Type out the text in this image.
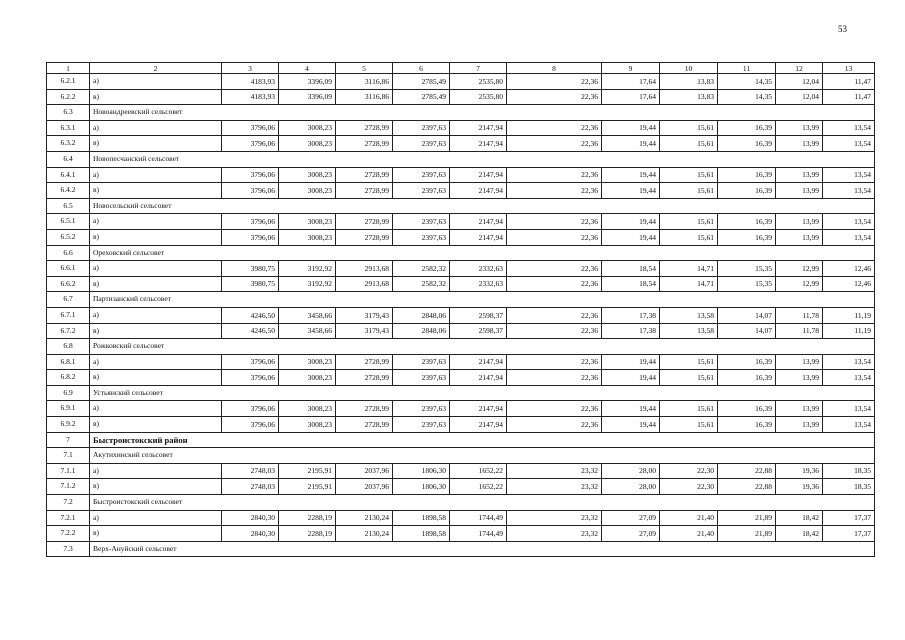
53
1	2	3	4	5	6	7	8	9	10	11	12	13
6.2.1	а)	4183,93	3396,09	3116,86	2785,49	2535,80	22,36	17,64	13,83	14,35	12,04	11,47
6.2.2	в)	4183,93	3396,09	3116,86	2785,49	2535,80	22,36	17,64	13,83	14,35	12,04	11,47
6.3	Новоандреевский сельсовет											
6.3.1	а)	3796,06	3008,23	2728,99	2397,63	2147,94	22,36	19,44	15,61	16,39	13,99	13,54
6.3.2	в)	3796,06	3008,23	2728,99	2397,63	2147,94	22,36	19,44	15,61	16,39	13,99	13,54
6.4	Новопесчанский сельсовет											
6.4.1	а)	3796,06	3008,23	2728,99	2397,63	2147,94	22,36	19,44	15,61	16,39	13,99	13,54
6.4.2	в)	3796,06	3008,23	2728,99	2397,63	2147,94	22,36	19,44	15,61	16,39	13,99	13,54
6.5	Новосельский сельсовет											
6.5.1	а)	3796,06	3008,23	2728,99	2397,63	2147,94	22,36	19,44	15,61	16,39	13,99	13,54
6.5.2	в)	3796,06	3008,23	2728,99	2397,63	2147,94	22,36	19,44	15,61	16,39	13,99	13,54
6.6	Ореховский сельсовет											
6.6.1	а)	3980,75	3192,92	2913,68	2582,32	2332,63	22,36	18,54	14,71	15,35	12,99	12,46
6.6.2	в)	3980,75	3192,92	2913,68	2582,32	2332,63	22,36	18,54	14,71	15,35	12,99	12,46
6.7	Партизанский сельсовет											
6.7.1	а)	4246,50	3458,66	3179,43	2848,06	2598,37	22,36	17,38	13,58	14,07	11,78	11,19
6.7.2	в)	4246,50	3458,66	3179,43	2848,06	2598,37	22,36	17,38	13,58	14,07	11,78	11,19
6.8	Рожковский сельсовет											
6.8.1	а)	3796,06	3008,23	2728,99	2397,63	2147,94	22,36	19,44	15,61	16,39	13,99	13,54
6.8.2	в)	3796,06	3008,23	2728,99	2397,63	2147,94	22,36	19,44	15,61	16,39	13,99	13,54
6.9	Устьянский сельсовет											
6.9.1	а)	3796,06	3008,23	2728,99	2397,63	2147,94	22,36	19,44	15,61	16,39	13,99	13,54
6.9.2	в)	3796,06	3008,23	2728,99	2397,63	2147,94	22,36	19,44	15,61	16,39	13,99	13,54
7	Быстроистокский район											
7.1	Акутихинский сельсовет											
7.1.1	а)	2748,03	2195,91	2037,96	1806,30	1652,22	23,32	28,00	22,30	22,88	19,36	18,35
7.1.2	в)	2748,03	2195,91	2037,96	1806,30	1652,22	23,32	28,00	22,30	22,88	19,36	18,35
7.2	Быстроистокский сельсовет											
7.2.1	а)	2840,30	2288,19	2130,24	1898,58	1744,49	23,32	27,09	21,40	21,89	18,42	17,37
7.2.2	в)	2840,30	2288,19	2130,24	1898,58	1744,49	23,32	27,09	21,40	21,89	18,42	17,37
7.3	Верх-Ануйский сельсовет											
